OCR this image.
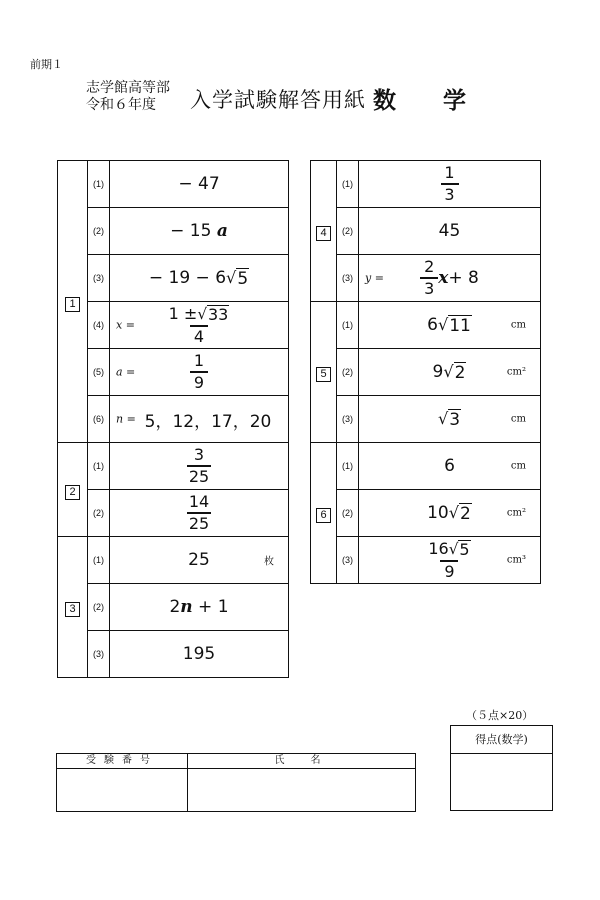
前期１
志学館高等部
令和６年度	入学試験解答用紙 数　学
1	(1)	− 47

	(2)	− 15 a

	(3)	− 19 − 6 √ 5

	(4)	$x = \frac{1 \pm √ 33}{4}$

	(5)	$a = \frac{1}{9}$

	(6)	n = 5，12，17，20

2	(1)	$\frac{3}{25}$

	(2)	$\frac{14}{25}$

3	(1)	25 枚

	(2)	2n + 1

	(3)	195
4	(1)	$\frac{1}{3}$

	(2)	45

	(3)	$y = \frac{2}{3}$ x + 8

5	(1)	6 √ 11 cm

	(2)	9 √ 2 cm²

	(3)	√ 3 cm

6	(1)	6 cm

	(2)	10 √ 2 cm²

	(3)	$\frac{16 √ 5}{9} cm^3$
（５点×20）
得点(数学)
受験番号	氏　名
